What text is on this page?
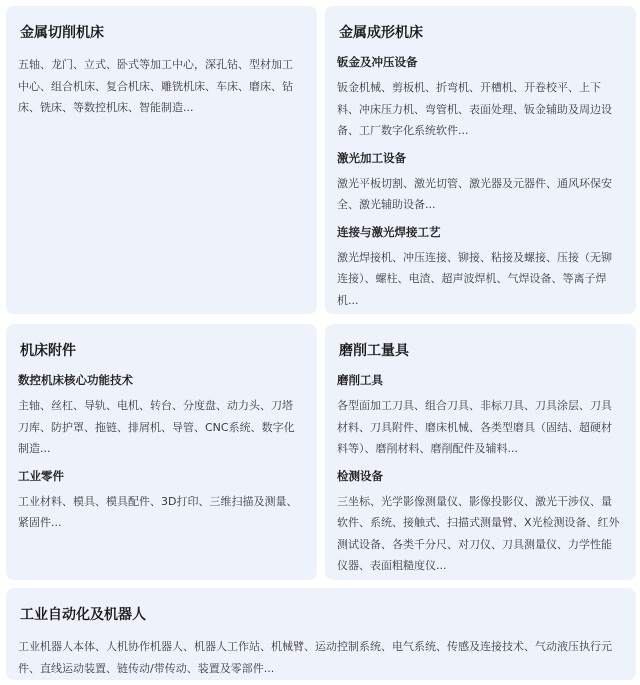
金属切削机床
五轴、龙门、立式、卧式等加工中心，深孔钻、型材加工中心、组合机床、复合机床、雕铣机床、车床、磨床、钻床、铣床、等数控机床、智能制造...
金属成形机床
钣金及冲压设备
钣金机械、剪板机、折弯机、开槽机、开卷校平、上下料、冲床压力机、弯管机、表面处理、钣金辅助及周边设备、工厂数字化系统软件...
激光加工设备
激光平板切割、激光切管、激光器及元器件、通风环保安全、激光辅助设备...
连接与激光焊接工艺
激光焊接机、冲压连接、铆接、粘接及螺接、压接（无铆连接）、螺柱、电渣、超声波焊机、气焊设备、等离子焊机...
机床附件
数控机床核心功能技术
主轴、丝杠、导轨、电机、转台、分度盘、动力头、刀塔刀库、防护罩、拖链、排屑机、导管、CNC系统、数字化制造...
工业零件
工业材料、模具、模具配件、3D打印、三维扫描及测量、紧固件...
磨削工量具
磨削工具
各型面加工刀具、组合刀具、非标刀具、刀具涂层、刀具材料、刀具附件、磨床机械、各类型磨具（固结、超硬材料等）、磨削材料、磨削配件及辅料...
检测设备
三坐标、光学影像测量仪、影像投影仪、激光干涉仪、量软件、系统、接触式、扫描式测量臂、X光检测设备、红外测试设备、各类千分尺、对刀仪、刀具测量仪、力学性能仪器、表面粗糙度仪...
工业自动化及机器人
工业机器人本体、人机协作机器人、机器人工作站、机械臂、运动控制系统、电气系统、传感及连接技术、气动液压执行元件、直线运动装置、链传动/带传动、装置及零部件...
